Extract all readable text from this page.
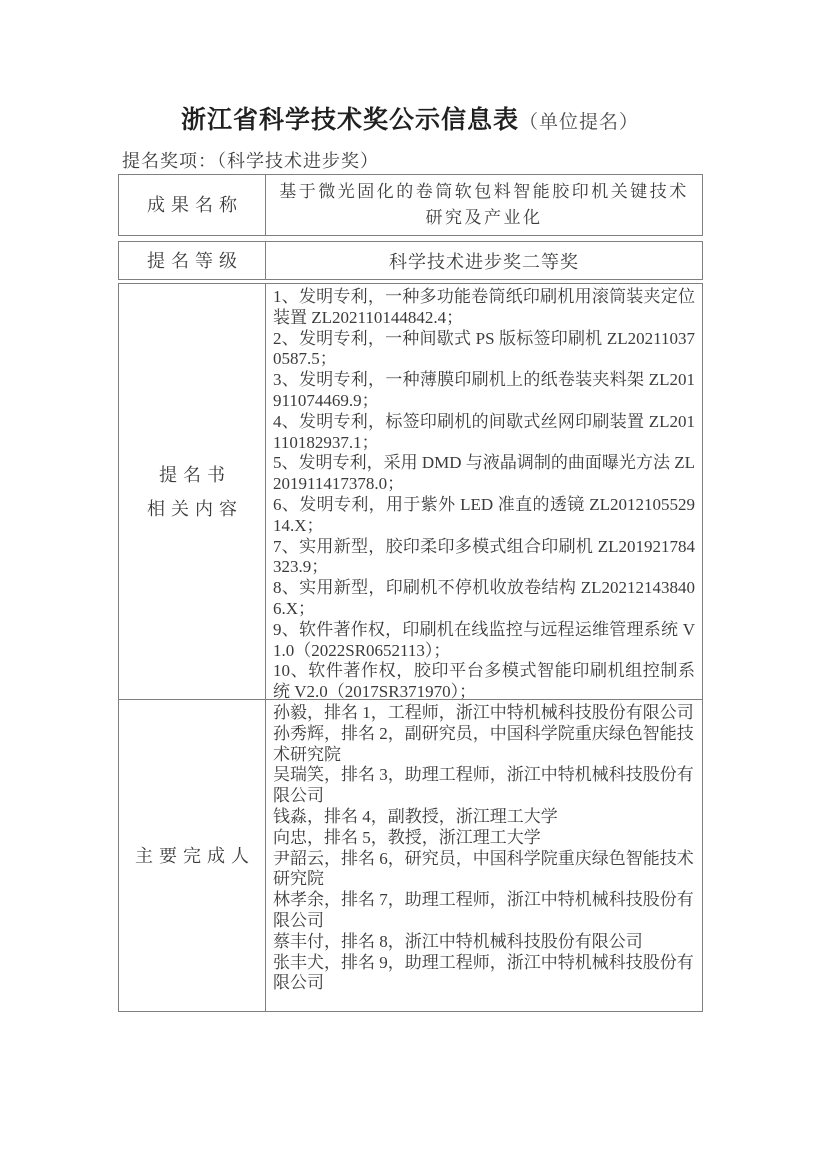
浙江省科学技术奖公示信息表（单位提名）
提名奖项：（科学技术进步奖）
成果名称
基于微光固化的卷筒软包料智能胶印机关键技术
研究及产业化
提名等级	科学技术进步奖二等奖
提名书
相关内容
1、发明专利，一种多功能卷筒纸印刷机用滚筒装夹定位装置 ZL202110144842.4；
2、发明专利，一种间歇式 PS 版标签印刷机 ZL202110370587.5；
3、发明专利，一种薄膜印刷机上的纸卷装夹料架 ZL201911074469.9；
4、发明专利，标签印刷机的间歇式丝网印刷装置 ZL201110182937.1；
5、发明专利，采用 DMD 与液晶调制的曲面曝光方法 ZL201911417378.0；
6、发明专利，用于紫外 LED 准直的透镜 ZL201210552914.X；
7、实用新型，胶印柔印多模式组合印刷机 ZL201921784323.9；
8、实用新型，印刷机不停机收放卷结构 ZL202121438406.X；
9、软件著作权，印刷机在线监控与远程运维管理系统 V1.0（2022SR0652113）；
10、软件著作权，胶印平台多模式智能印刷机组控制系统 V2.0（2017SR371970）；
主要完成人
孙毅，排名 1，工程师，浙江中特机械科技股份有限公司
孙秀辉，排名 2，副研究员，中国科学院重庆绿色智能技术研究院
吴瑞笑，排名 3，助理工程师，浙江中特机械科技股份有限公司
钱淼，排名 4，副教授，浙江理工大学
向忠，排名 5，教授，浙江理工大学
尹韶云，排名 6，研究员，中国科学院重庆绿色智能技术研究院
林孝余，排名 7，助理工程师，浙江中特机械科技股份有限公司
蔡丰付，排名 8，浙江中特机械科技股份有限公司
张丰犬，排名 9，助理工程师，浙江中特机械科技股份有限公司
